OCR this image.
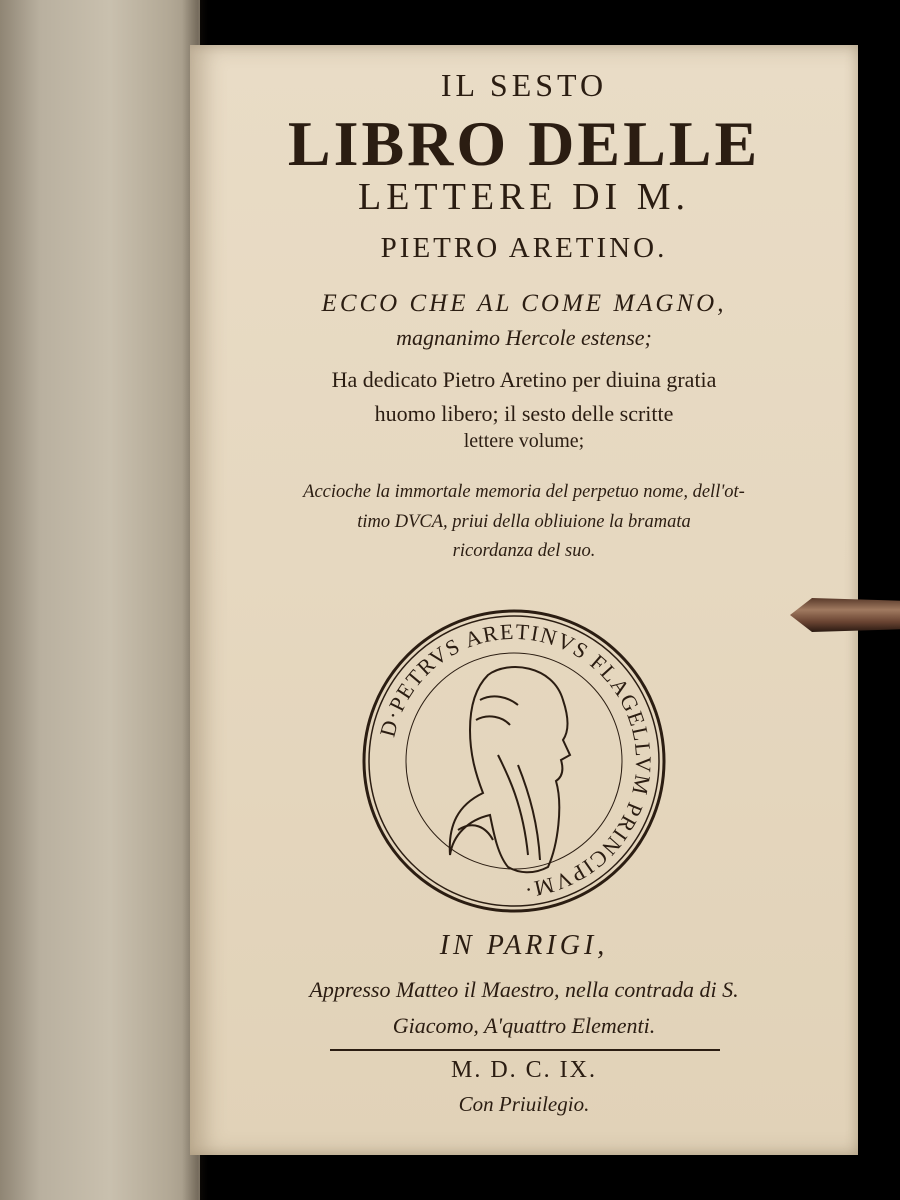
IL SESTO

LIBRO DELLE

LETTERE DI M.

PIETRO ARETINO.

ECCO CHE AL COME MAGNO,

magnanimo Hercole estense;

Ha dedicato Pietro Aretino per diuina gratia

huomo libero; il sesto delle scritte

lettere volume;

Accioche la immortale memoria del perpetuo nome, dell'ot-

timo DVCA, priui della obliuione la bramata

ricordanza del suo.

D·PETRVS ARETINVS FLAGELLVM PRINCIPVM·

IN PARIGI,

Appresso Matteo il Maestro, nella contrada di S.

Giacomo, A'quattro Elementi.

M. D. C. IX.

Con Priuilegio.
